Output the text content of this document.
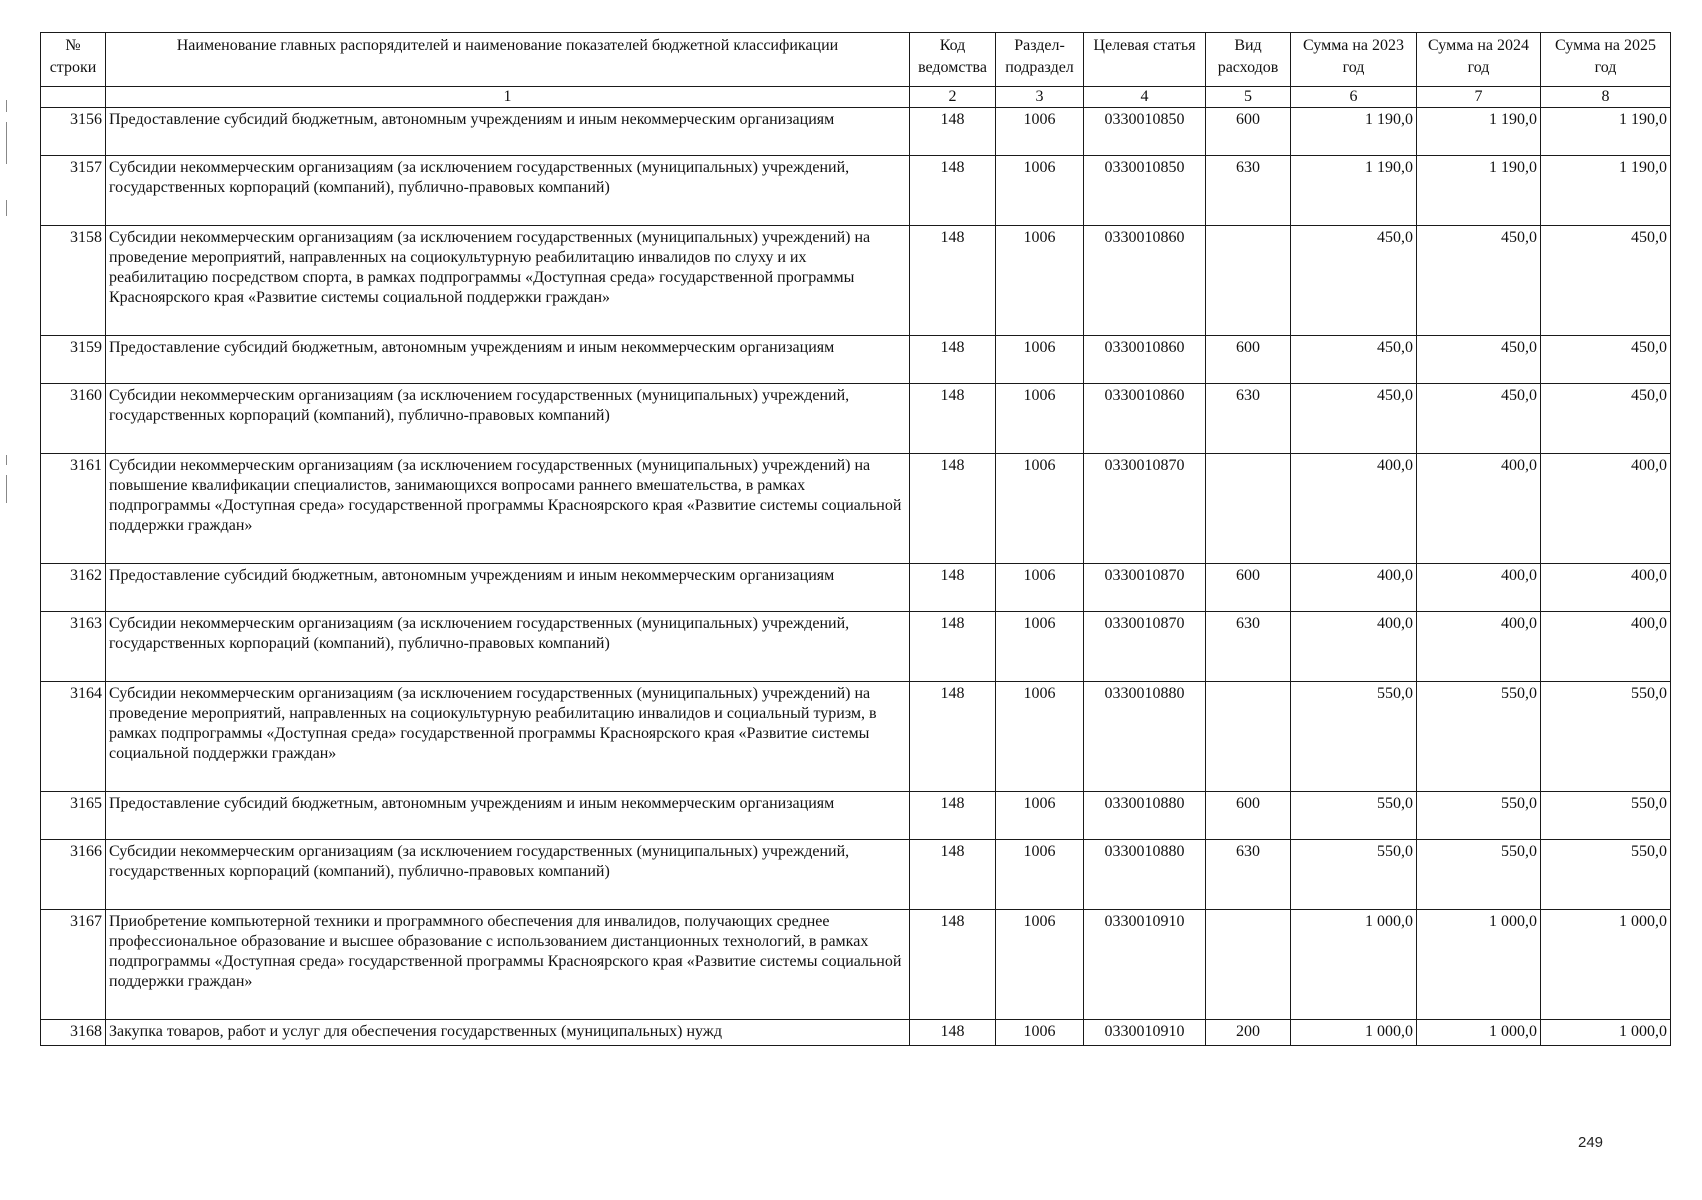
№ строки	Наименование главных распорядителей и наименование показателей бюджетной классификации	Код ведомства	Раздел-подраздел	Целевая статья	Вид расходов	Сумма на 2023 год	Сумма на 2024 год	Сумма на 2025 год
	1	2	3	4	5	6	7	8
3156	Предоставление субсидий бюджетным, автономным учреждениям и иным некоммерческим организациям	148	1006	0330010850	600	1 190,0	1 190,0	1 190,0
3157	Субсидии некоммерческим организациям (за исключением государственных (муниципальных) учреждений, государственных корпораций (компаний), публично-правовых компаний)	148	1006	0330010850	630	1 190,0	1 190,0	1 190,0
3158	Субсидии некоммерческим организациям (за исключением государственных (муниципальных) учреждений) на проведение мероприятий, направленных на социокультурную реабилитацию инвалидов по слуху и их реабилитацию посредством спорта, в рамках подпрограммы «Доступная среда» государственной программы Красноярского края «Развитие системы социальной поддержки граждан»	148	1006	0330010860		450,0	450,0	450,0
3159	Предоставление субсидий бюджетным, автономным учреждениям и иным некоммерческим организациям	148	1006	0330010860	600	450,0	450,0	450,0
3160	Субсидии некоммерческим организациям (за исключением государственных (муниципальных) учреждений, государственных корпораций (компаний), публично-правовых компаний)	148	1006	0330010860	630	450,0	450,0	450,0
3161	Субсидии некоммерческим организациям (за исключением государственных (муниципальных) учреждений) на повышение квалификации специалистов, занимающихся вопросами раннего вмешательства, в рамках подпрограммы «Доступная среда» государственной программы Красноярского края «Развитие системы социальной поддержки граждан»	148	1006	0330010870		400,0	400,0	400,0
3162	Предоставление субсидий бюджетным, автономным учреждениям и иным некоммерческим организациям	148	1006	0330010870	600	400,0	400,0	400,0
3163	Субсидии некоммерческим организациям (за исключением государственных (муниципальных) учреждений, государственных корпораций (компаний), публично-правовых компаний)	148	1006	0330010870	630	400,0	400,0	400,0
3164	Субсидии некоммерческим организациям (за исключением государственных (муниципальных) учреждений) на проведение мероприятий, направленных на социокультурную реабилитацию инвалидов и социальный туризм, в рамках подпрограммы «Доступная среда» государственной программы Красноярского края «Развитие системы социальной поддержки граждан»	148	1006	0330010880		550,0	550,0	550,0
3165	Предоставление субсидий бюджетным, автономным учреждениям и иным некоммерческим организациям	148	1006	0330010880	600	550,0	550,0	550,0
3166	Субсидии некоммерческим организациям (за исключением государственных (муниципальных) учреждений, государственных корпораций (компаний), публично-правовых компаний)	148	1006	0330010880	630	550,0	550,0	550,0
3167	Приобретение компьютерной техники и программного обеспечения для инвалидов, получающих среднее профессиональное образование и высшее образование с использованием дистанционных технологий, в рамках подпрограммы «Доступная среда» государственной программы Красноярского края «Развитие системы социальной поддержки граждан»	148	1006	0330010910		1 000,0	1 000,0	1 000,0
3168	Закупка товаров, работ и услуг для обеспечения государственных (муниципальных) нужд	148	1006	0330010910	200	1 000,0	1 000,0	1 000,0
249
